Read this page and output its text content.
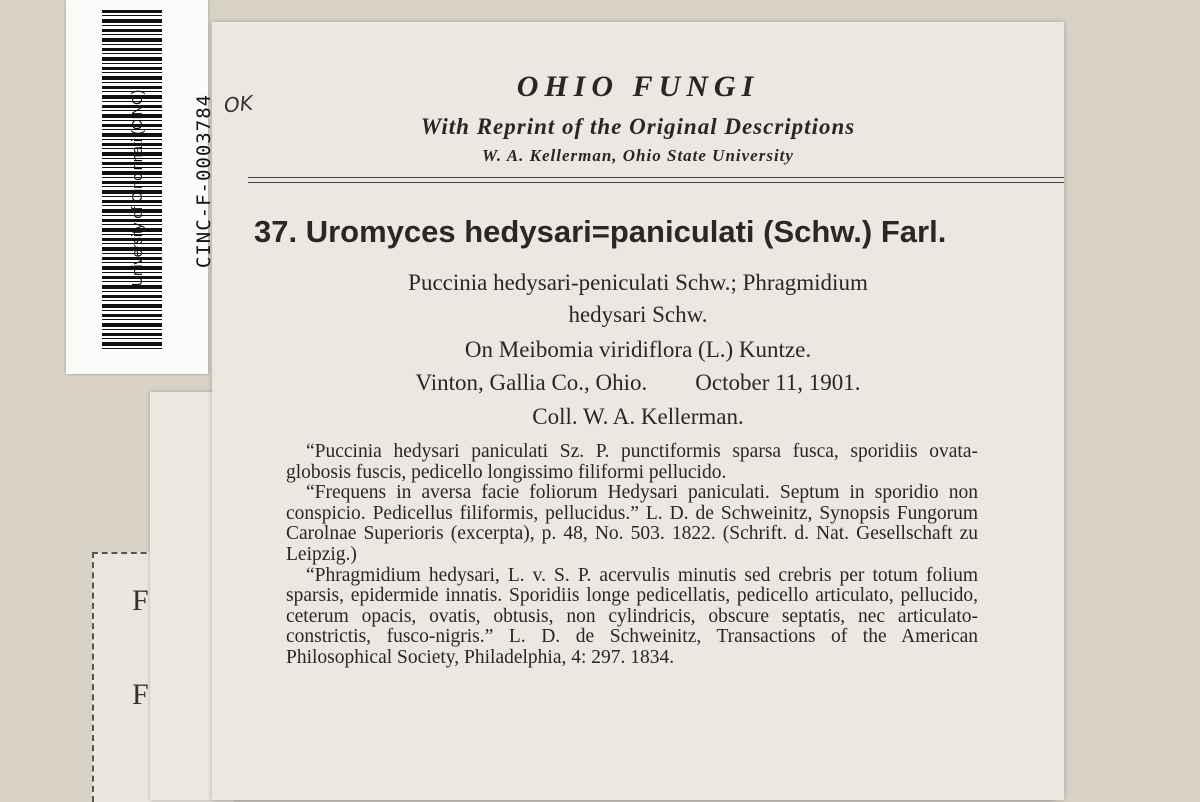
F
F
OHIO FUNGI
With Reprint of the Original Descriptions
W. A. Kellerman, Ohio State University
37. Uromyces hedysari=paniculati (Schw.) Farl.
Puccinia hedysari-peniculati Schw.; Phragmidium
hedysari Schw.
On Meibomia viridiflora (L.) Kuntze.
Vinton, Gallia Co., Ohio. October 11, 1901.
Coll. W. A. Kellerman.

“Puccinia hedysari paniculati Sz. P. punctiformis sparsa fusca, sporidiis ovata-globosis fuscis, pedicello longissimo filiformi pellucido.

“Frequens in aversa facie foliorum Hedysari paniculati. Septum in sporidio non conspicio. Pedicellus filiformis, pellucidus.” L. D. de Schweinitz, Synopsis Fungorum Carolnae Superioris (excerpta), p. 48, No. 503. 1822. (Schrift. d. Nat. Gesellschaft zu Leipzig.)

“Phragmidium hedysari, L. v. S. P. acervulis minutis sed crebris per totum folium sparsis, epidermide innatis. Sporidiis longe pedicellatis, pedicello articulato, pellucido, ceterum opacis, ovatis, obtusis, non cylindricis, obscure septatis, nec articulato-constrictis, fusco-nigris.” L. D. de Schweinitz, Transactions of the American Philosophical Society, Philadelphia, 4: 297. 1834.

OK
University of Cincinnati (CINC) CINC-F-0003784
